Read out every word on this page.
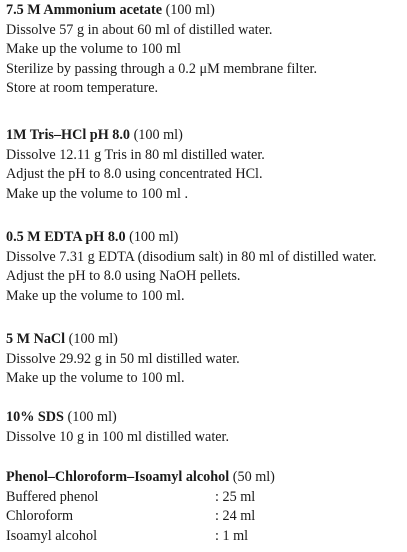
7.5 M Ammonium acetate (100 ml)
Dissolve 57 g in about 60 ml of distilled water.
Make up the volume to 100 ml
Sterilize by passing through a 0.2 μM membrane filter.
Store at room temperature.
1M Tris–HCl pH 8.0 (100 ml)
Dissolve 12.11 g Tris in 80 ml distilled water.
Adjust the pH to 8.0 using concentrated HCl.
Make up the volume to 100 ml .
0.5 M EDTA pH 8.0 (100 ml)
Dissolve 7.31 g EDTA (disodium salt) in 80 ml of distilled water.
Adjust the pH to 8.0 using NaOH pellets.
Make up the volume to 100 ml.
5 M NaCl (100 ml)
Dissolve 29.92 g in 50 ml distilled water.
Make up the volume to 100 ml.
10% SDS (100 ml)
Dissolve 10 g in 100 ml distilled water.
Phenol–Chloroform–Isoamyl alcohol (50 ml)
Buffered phenol	: 25 ml
Chloroform	: 24 ml
Isoamyl alcohol	: 1 ml
